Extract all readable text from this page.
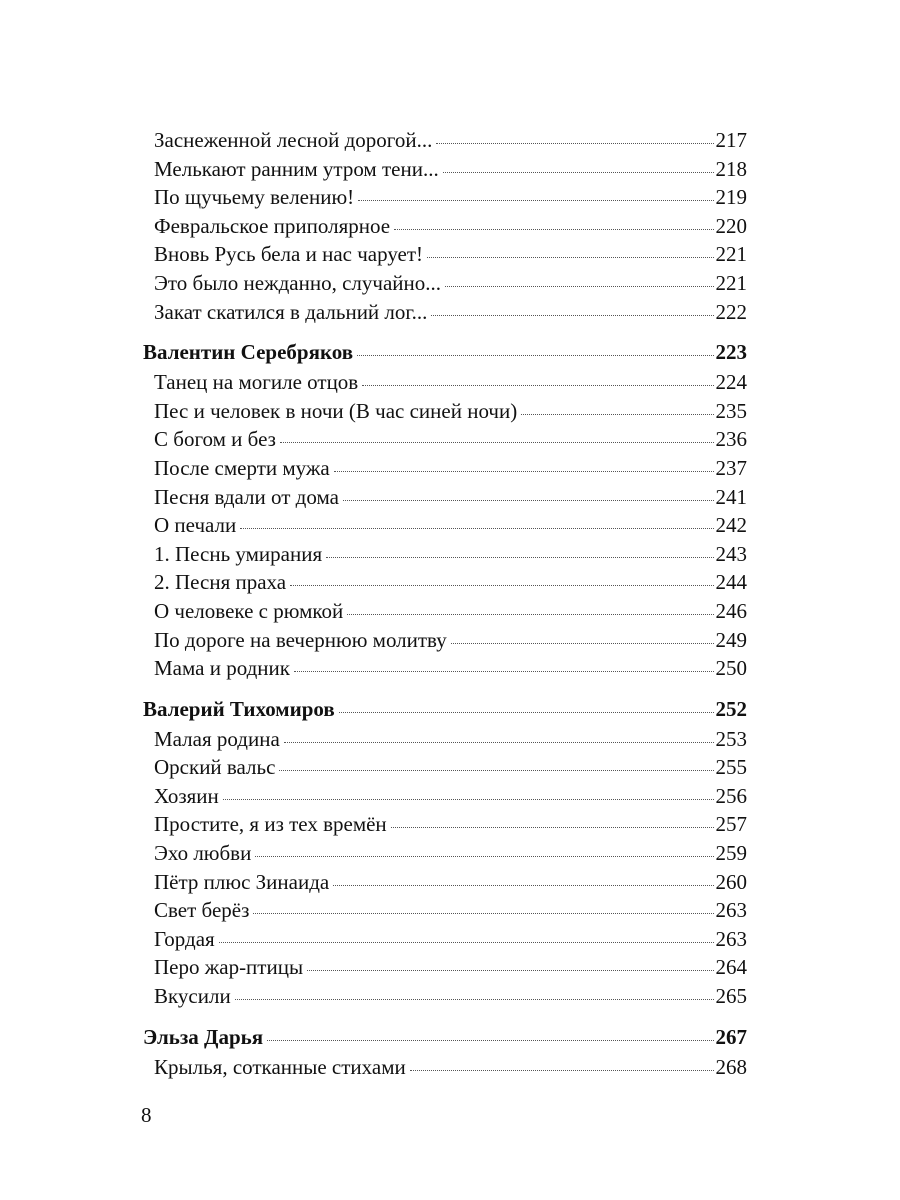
Заснеженной лесной дорогой...	217
Мелькают ранним утром тени...	218
По щучьему велению!	219
Февральское приполярное	220
Вновь Русь бела и нас чарует!	221
Это было нежданно, случайно...	221
Закат скатился в дальний лог...	222
Валентин Серебряков	223
Танец на могиле отцов	224
Пес и человек в ночи (В час синей ночи)	235
С богом и без	236
После смерти мужа	237
Песня вдали от дома	241
О печали	242
1. Песнь умирания	243
2. Песня праха	244
О человеке с рюмкой	246
По дороге на вечернюю молитву	249
Мама и родник	250
Валерий Тихомиров	252
Малая родина	253
Орский вальс	255
Хозяин	256
Простите, я из тех времён	257
Эхо любви	259
Пётр плюс Зинаида	260
Свет берёз	263
Гордая	263
Перо жар-птицы	264
Вкусили	265
Эльза Дарья	267
Крылья, сотканные стихами	268
8
